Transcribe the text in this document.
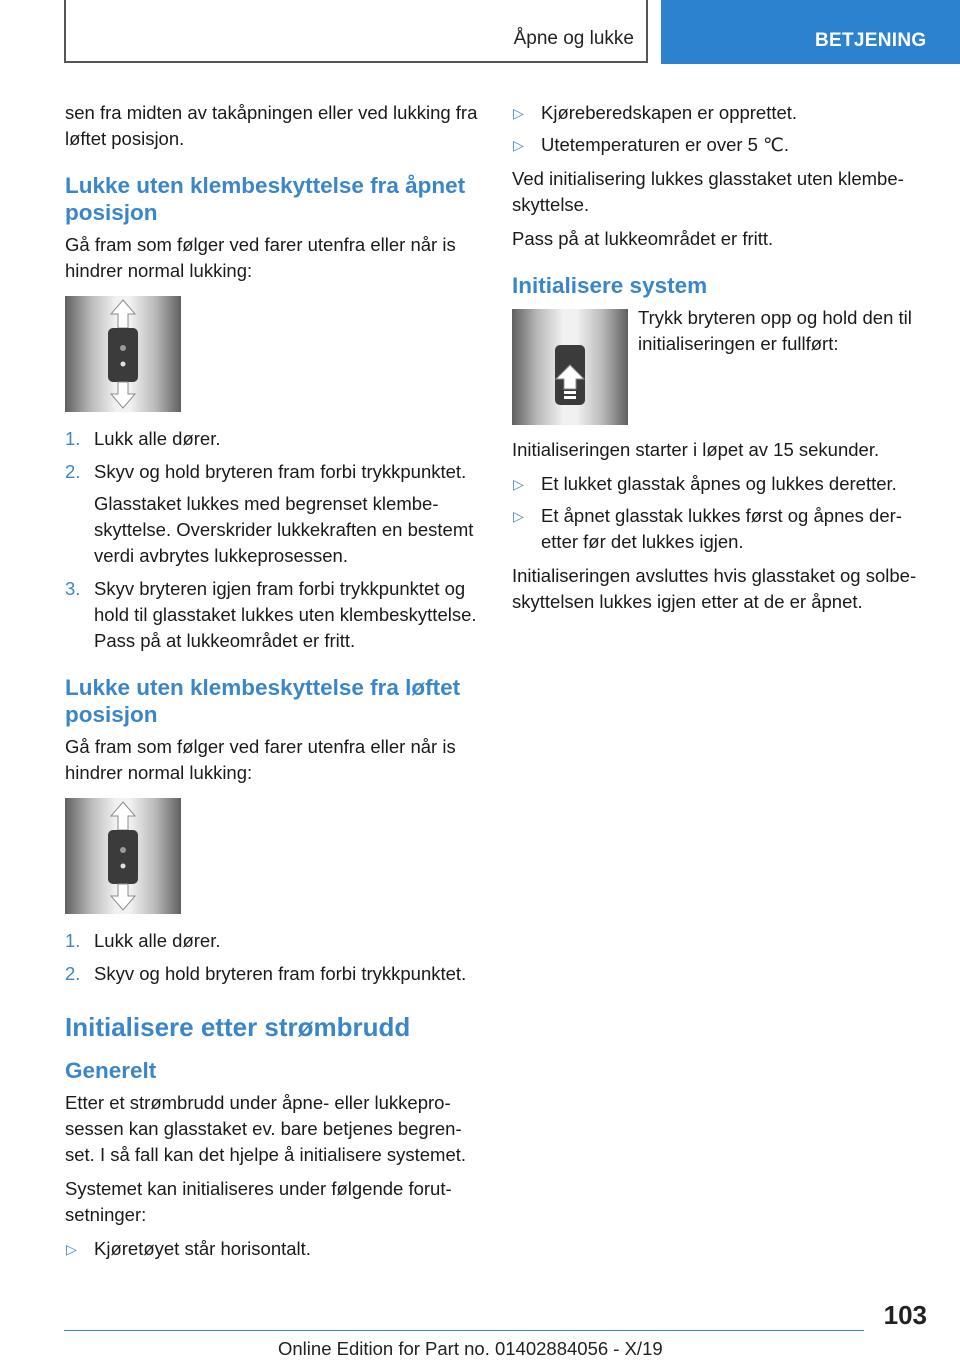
Åpne og lukke	BETJENING

sen fra midten av takåpningen eller ved lukking fra løftet posisjon.

Lukke uten klembeskyttelse fra åpnet posisjon

Gå fram som følger ved farer utenfra eller når is hindrer normal lukking:

1. Lukk alle dører.
2. Skyv og hold bryteren fram forbi trykkpunktet.
Glasstaket lukkes med begrenset klembeskyttelse. Overskrider lukkekraften en bestemt verdi avbrytes lukkeprosessen.
3. Skyv bryteren igjen fram forbi trykkpunktet og hold til glasstaket lukkes uten klembeskyttelse. Pass på at lukkeområdet er fritt.
Lukke uten klembeskyttelse fra løftet posisjon

Gå fram som følger ved farer utenfra eller når is hindrer normal lukking:

1. Lukk alle dører.
2. Skyv og hold bryteren fram forbi trykkpunktet.
Initialisere etter strømbrudd
Generelt

Etter et strømbrudd under åpne- eller lukkeprosessen kan glasstaket ev. bare betjenes begrenset. I så fall kan det hjelpe å initialisere systemet.

Systemet kan initialiseres under følgende forutsetninger:

▷ Kjøretøyet står horisontalt.
▷ Kjøreberedskapen er opprettet.
▷ Utetemperaturen er over 5 ℃.

Ved initialisering lukkes glasstaket uten klembeskyttelse.

Pass på at lukkeområdet er fritt.

Initialisere system

Trykk bryteren opp og hold den til initialiseringen er fullført:

Initialiseringen starter i løpet av 15 sekunder.

▷ Et lukket glasstak åpnes og lukkes deretter.
▷ Et åpnet glasstak lukkes først og åpnes deretter før det lukkes igjen.

Initialiseringen avsluttes hvis glasstaket og solbeskyttelsen lukkes igjen etter at de er åpnet.

103
Online Edition for Part no. 01402884056 - X/19
